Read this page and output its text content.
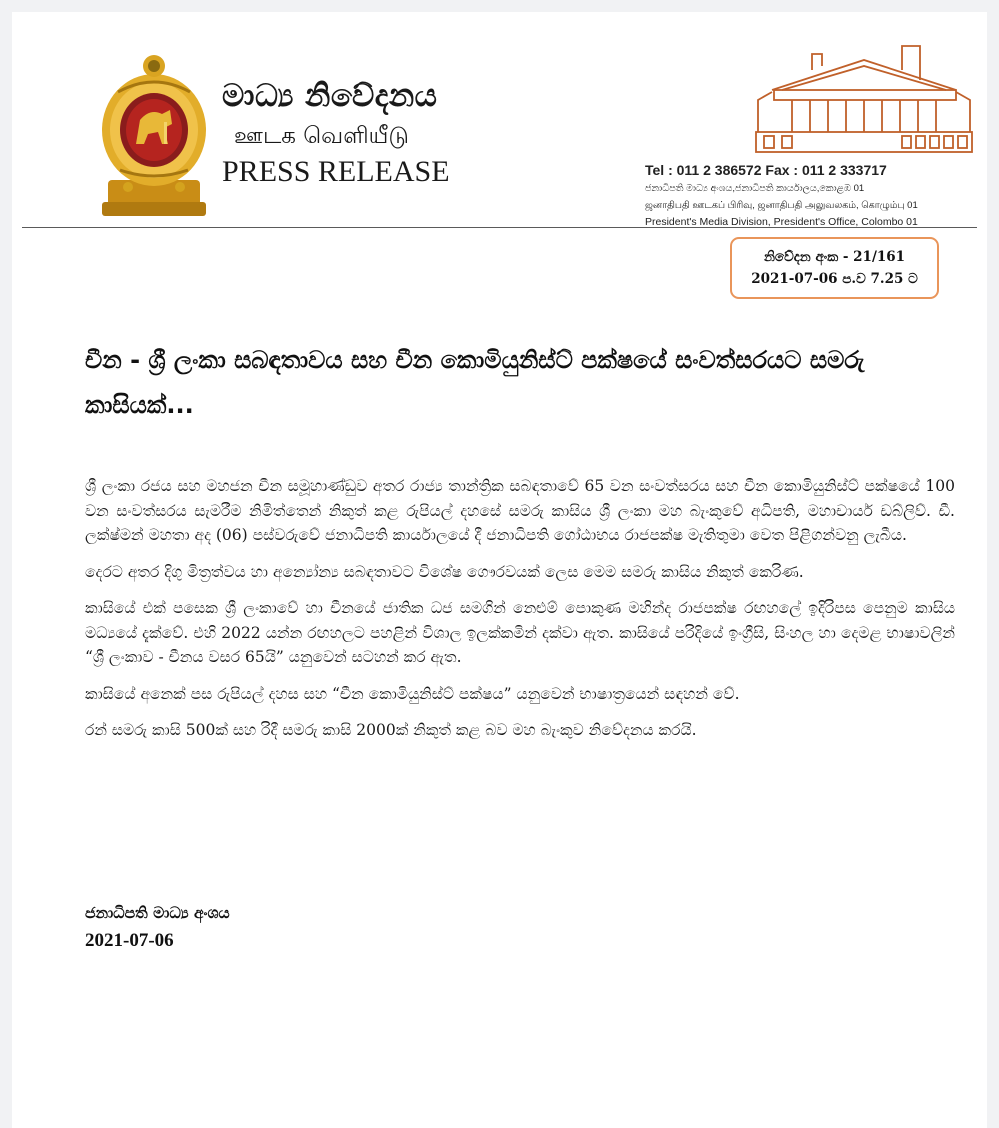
මාධ්‍ය නිවේදනය
ஊடக வெளியீடு
PRESS RELEASE	Tel : 011 2 386572 Fax : 011 2 333717
ජනාධිපති මාධ්‍ය අංශය,ජනාධිපති කාර්යාලය,කොළඹ 01
ஜனாதிபதி ஊடகப் பிரிவு, ஜனாதிபதி அலுவலகம், கொழும்பு 01
President's Media Division, President's Office, Colombo 01
නිවේදන අංක - 21/161
2021-07-06 ප.ව 7.25 ට
චීන - ශ්‍රී ලංකා සබඳතාවය සහ චීන කොමියුනිස්ට් පක්ෂයේ සංවත්සරයට සමරු කාසියක්...

ශ්‍රී ලංකා රජය සහ මහජන චීන සමූහාණ්ඩුව අතර රාජ්‍ය තාන්ත්‍රික සබඳතාවේ 65 වන සංවත්සරය සහ චීන කොමියුනිස්ට් පක්ෂයේ 100 වන සංවත්සරය සැමරීම නිමිත්තෙන් නිකුත් කළ රුපියල් දහසේ සමරු කාසිය ශ්‍රී ලංකා මහ බැංකුවේ අධිපති, මහාචාර්ය ඩබ්ලිව්. ඩී. ලක්ෂ්මන් මහතා අද (06) පස්වරුවේ ජනාධිපති කාර්යාලයේ දී ජනාධිපති ගෝඨාභය රාජපක්ෂ මැතිතුමා වෙත පිළිගන්වනු ලැබීය.

දෙරට අතර දිගු මිත්‍රත්වය හා අන්‍යෝන්‍ය සබඳතාවට විශේෂ ගෞරවයක් ලෙස මෙම සමරු කාසිය නිකුත් කෙරිණ.

කාසියේ එක් පසෙක ශ්‍රී ලංකාවේ හා චීනයේ ජාතික ධජ සමගින් නෙළුම් පොකුණ මහින්ද රාජපක්ෂ රඟහලේ ඉදිරිපස පෙනුම කාසිය මධ්‍යයේ දැක්වේ. එහි 2022 යන්න රඟහලට පහළින් විශාල ඉලක්කමින් දක්වා ඇත. කාසියේ පරිදියේ ඉංග්‍රීසි, සිංහල හා දෙමළ භාෂාවලින් “ශ්‍රී ලංකාව - චීනය වසර 65යි” යනුවෙන් සටහන් කර ඇත.

කාසියේ අනෙක් පස රුපියල් දහස සහ “චීන කොමියුනිස්ට් පක්ෂය” යනුවෙන් භාෂාත්‍රයෙන් සඳහන් වේ.

රන් සමරු කාසි 500ක් සහ රිදී සමරු කාසි 2000ක් නිකුත් කළ බව මහ බැංකුව නිවේදනය කරයි.

ජනාධිපති මාධ්‍ය අංශය
2021-07-06
